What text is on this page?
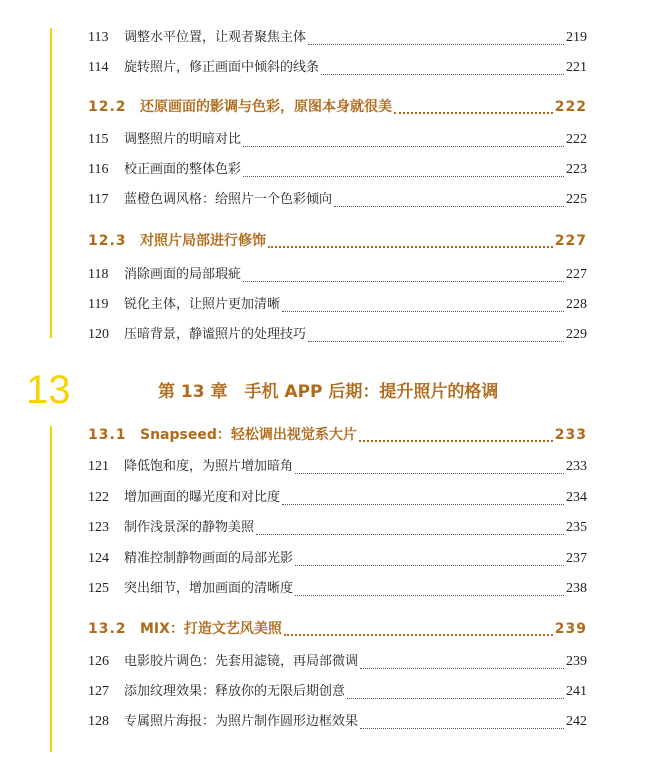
13	第 13 章　手机 APP 后期：提升照片的格调
113	调整水平位置，让观者聚焦主体	219
114	旋转照片，修正画面中倾斜的线条	221
12.2 还原画面的影调与色彩，原图本身就很美	222
115	调整照片的明暗对比	222
116	校正画面的整体色彩	223
117	蓝橙色调风格：给照片一个色彩倾向	225
12.3 对照片局部进行修饰	227
118	消除画面的局部瑕疵	227
119	锐化主体，让照片更加清晰	228
120	压暗背景，静谧照片的处理技巧	229
13.1 Snapseed：轻松调出视觉系大片	233
121	降低饱和度，为照片增加暗角	233
122	增加画面的曝光度和对比度	234
123	制作浅景深的静物美照	235
124	精准控制静物画面的局部光影	237
125	突出细节，增加画面的清晰度	238
13.2 MIX：打造文艺风美照	239
126	电影胶片调色：先套用滤镜，再局部微调	239
127	添加纹理效果：释放你的无限后期创意	241
128	专属照片海报：为照片制作圆形边框效果	242
